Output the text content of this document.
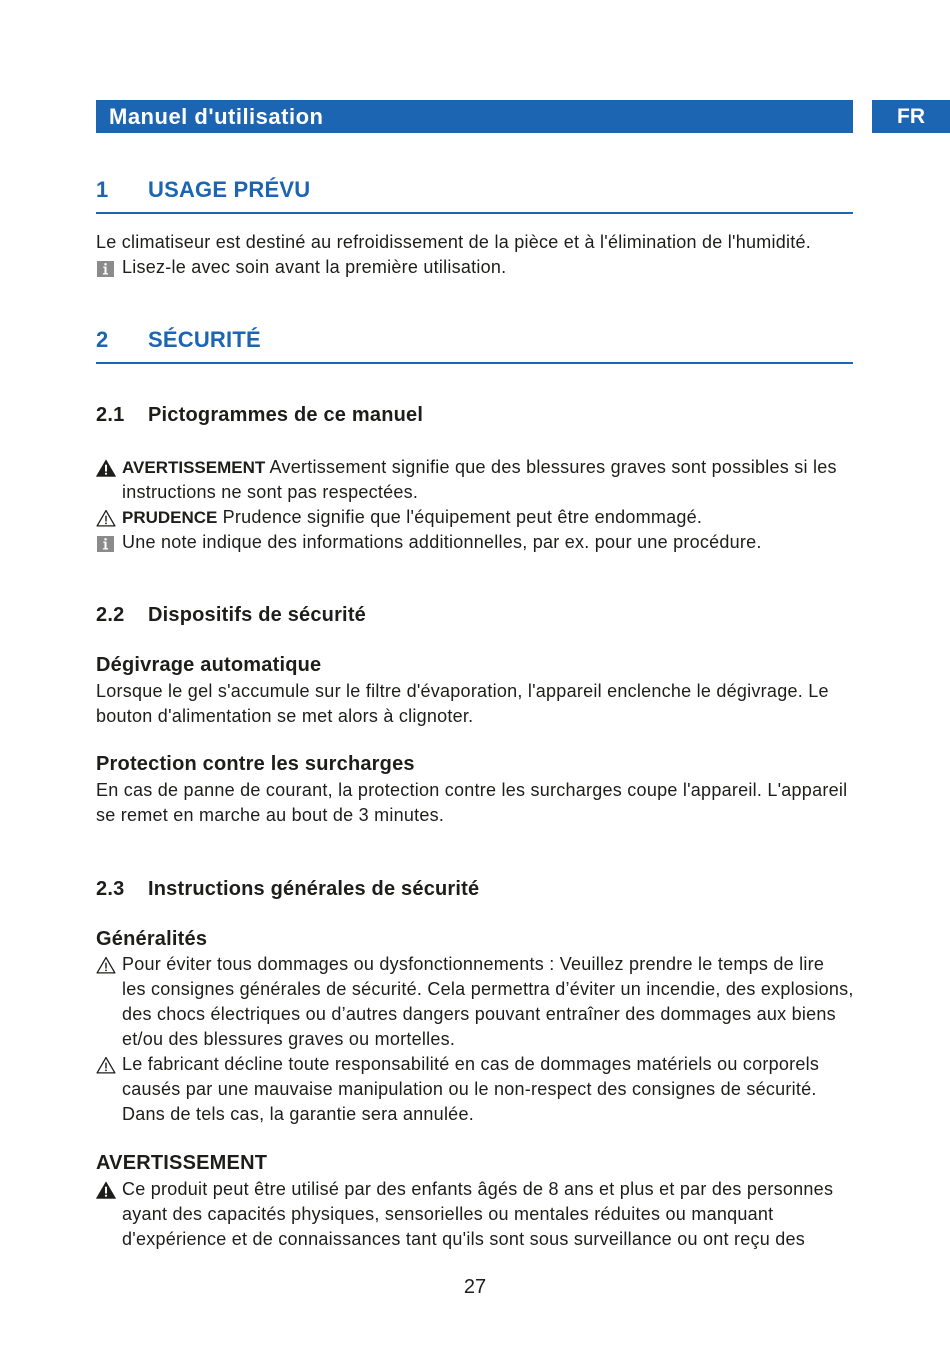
Manuel d'utilisation	FR
1 USAGE PRÉVU
Le climatiseur est destiné au refroidissement de la pièce et à l'élimination de l'humidité.
Lisez-le avec soin avant la première utilisation.
2 SÉCURITÉ
2.1 Pictogrammes de ce manuel
AVERTISSEMENT Avertissement signifie que des blessures graves sont possibles si les
instructions ne sont pas respectées.
PRUDENCE Prudence signifie que l'équipement peut être endommagé.
Une note indique des informations additionnelles, par ex. pour une procédure.
2.2 Dispositifs de sécurité
Dégivrage automatique
Lorsque le gel s'accumule sur le filtre d'évaporation, l'appareil enclenche le dégivrage. Le
bouton d'alimentation se met alors à clignoter.
Protection contre les surcharges
En cas de panne de courant, la protection contre les surcharges coupe l'appareil. L'appareil
se remet en marche au bout de 3 minutes.
2.3 Instructions générales de sécurité
Généralités
Pour éviter tous dommages ou dysfonctionnements : Veuillez prendre le temps de lire
les consignes générales de sécurité. Cela permettra d’éviter un incendie, des explosions,
des chocs électriques ou d’autres dangers pouvant entraîner des dommages aux biens
et/ou des blessures graves ou mortelles.
Le fabricant décline toute responsabilité en cas de dommages matériels ou corporels
causés par une mauvaise manipulation ou le non-respect des consignes de sécurité.
Dans de tels cas, la garantie sera annulée.
AVERTISSEMENT
Ce produit peut être utilisé par des enfants âgés de 8 ans et plus et par des personnes
ayant des capacités physiques, sensorielles ou mentales réduites ou manquant
d'expérience et de connaissances tant qu'ils sont sous surveillance ou ont reçu des
27
